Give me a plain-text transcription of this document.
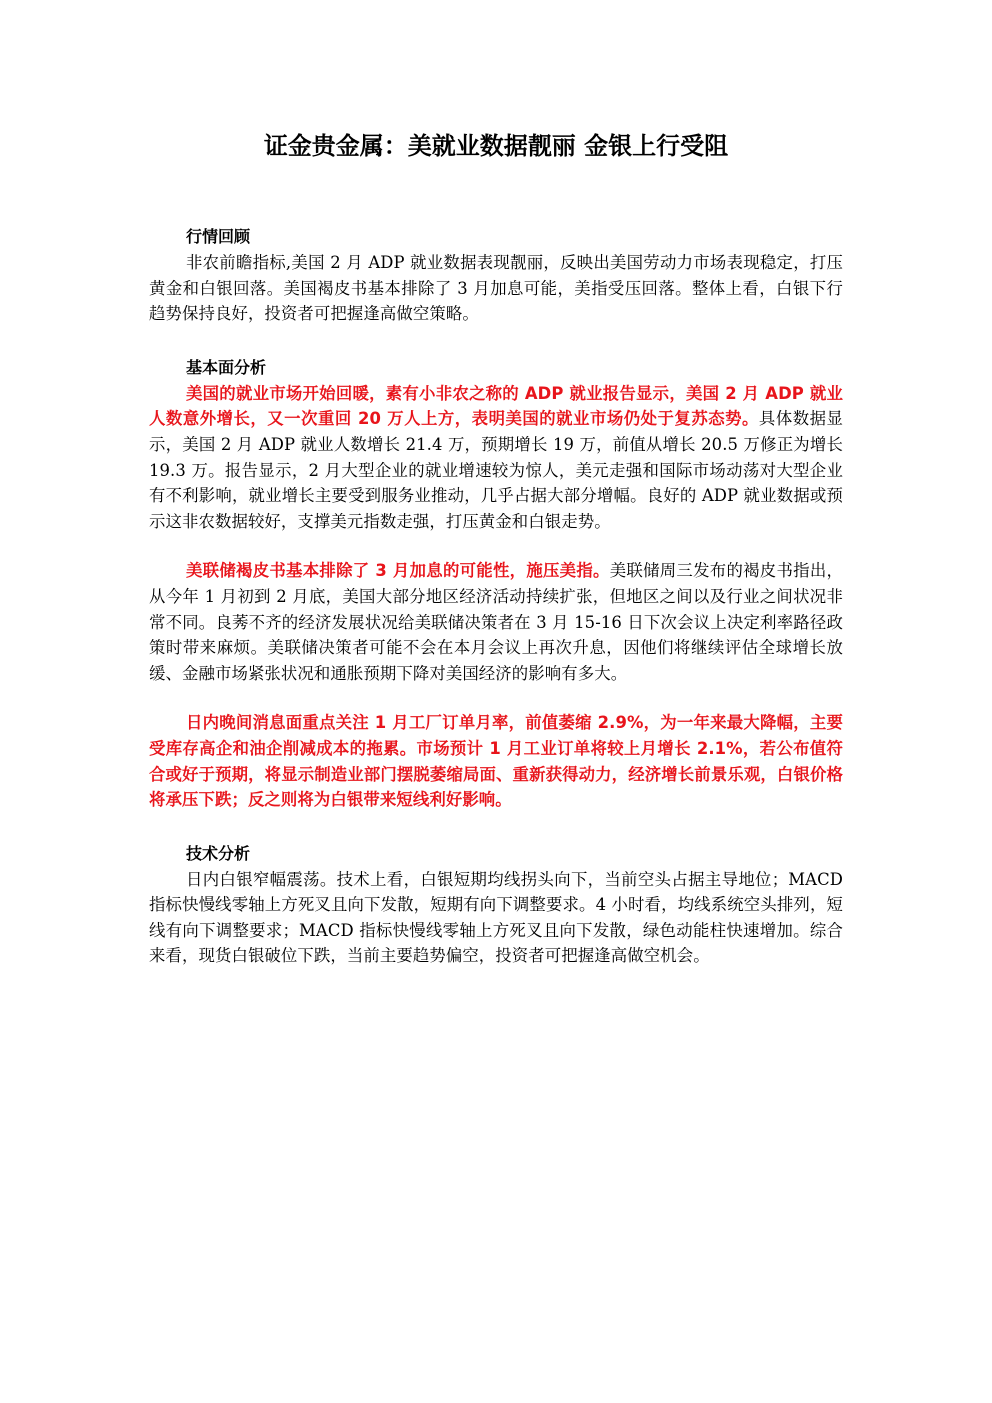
证金贵金属：美就业数据靓丽 金银上行受阻
行情回顾

非农前瞻指标,美国 2 月 ADP 就业数据表现靓丽，反映出美国劳动力市场表现稳定，打压黄金和白银回落。美国褐皮书基本排除了 3 月加息可能，美指受压回落。整体上看，白银下行趋势保持良好，投资者可把握逢高做空策略。

基本面分析

美国的就业市场开始回暖，素有小非农之称的 ADP 就业报告显示，美国 2 月 ADP 就业人数意外增长，又一次重回 20 万人上方，表明美国的就业市场仍处于复苏态势。具体数据显示，美国 2 月 ADP 就业人数增长 21.4 万，预期增长 19 万，前值从增长 20.5 万修正为增长 19.3 万。报告显示，2 月大型企业的就业增速较为惊人，美元走强和国际市场动荡对大型企业有不利影响，就业增长主要受到服务业推动，几乎占据大部分增幅。良好的 ADP 就业数据或预示这非农数据较好，支撑美元指数走强，打压黄金和白银走势。

美联储褐皮书基本排除了 3 月加息的可能性，施压美指。美联储周三发布的褐皮书指出，从今年 1 月初到 2 月底，美国大部分地区经济活动持续扩张，但地区之间以及行业之间状况非常不同。良莠不齐的经济发展状况给美联储决策者在 3 月 15-16 日下次会议上决定利率路径政策时带来麻烦。美联储决策者可能不会在本月会议上再次升息，因他们将继续评估全球增长放缓、金融市场紧张状况和通胀预期下降对美国经济的影响有多大。

日内晚间消息面重点关注 1 月工厂订单月率，前值萎缩 2.9%，为一年来最大降幅，主要受库存高企和油企削减成本的拖累。市场预计 1 月工业订单将较上月增长 2.1%，若公布值符合或好于预期，将显示制造业部门摆脱萎缩局面、重新获得动力，经济增长前景乐观，白银价格将承压下跌；反之则将为白银带来短线利好影响。

技术分析

日内白银窄幅震荡。技术上看，白银短期均线拐头向下，当前空头占据主导地位；MACD 指标快慢线零轴上方死叉且向下发散，短期有向下调整要求。4 小时看，均线系统空头排列，短线有向下调整要求；MACD 指标快慢线零轴上方死叉且向下发散，绿色动能柱快速增加。综合来看，现货白银破位下跌，当前主要趋势偏空，投资者可把握逢高做空机会。
